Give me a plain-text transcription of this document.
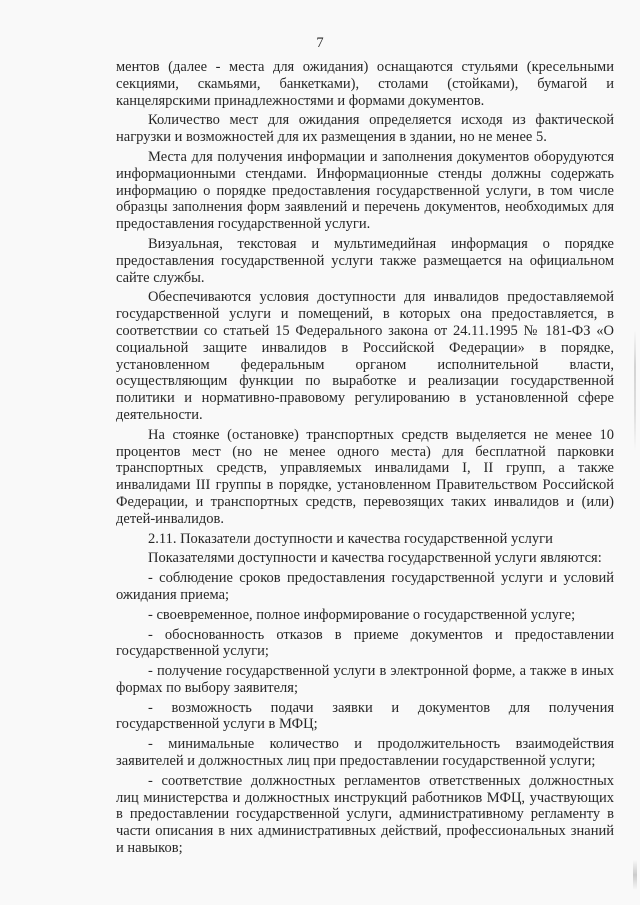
7

ментов (далее - места для ожидания) оснащаются стульями (кресельными секциями, скамьями, банкетками), столами (стойками), бумагой и канцелярскими принадлежностями и формами документов.

Количество мест для ожидания определяется исходя из фактической нагрузки и возможностей для их размещения в здании, но не менее 5.

Места для получения информации и заполнения документов оборудуются информационными стендами. Информационные стенды должны содержать информацию о порядке предоставления государственной услуги, в том числе образцы заполнения форм заявлений и перечень документов, необходимых для предоставления государственной услуги.

Визуальная, текстовая и мультимедийная информация о порядке предоставления государственной услуги также размещается на официальном сайте службы.

Обеспечиваются условия доступности для инвалидов предоставляемой государственной услуги и помещений, в которых она предоставляется, в соответствии со статьей 15 Федерального закона от 24.11.1995 № 181-ФЗ «О социальной защите инвалидов в Российской Федерации» в порядке, установленном федеральным органом исполнительной власти, осуществляющим функции по выработке и реализации государственной политики и нормативно-правовому регулированию в установленной сфере деятельности.

На стоянке (остановке) транспортных средств выделяется не менее 10 процентов мест (но не менее одного места) для бесплатной парковки транспортных средств, управляемых инвалидами I, II групп, а также инвалидами III группы в порядке, установленном Правительством Российской Федерации, и транспортных средств, перевозящих таких инвалидов и (или) детей-инвалидов.

2.11. Показатели доступности и качества государственной услуги

Показателями доступности и качества государственной услуги являются:

- соблюдение сроков предоставления государственной услуги и условий ожидания приема;

- своевременное, полное информирование о государственной услуге;

- обоснованность отказов в приеме документов и предоставлении государственной услуги;

- получение государственной услуги в электронной форме, а также в иных формах по выбору заявителя;

- возможность подачи заявки и документов для получения государственной услуги в МФЦ;

- минимальные количество и продолжительность взаимодействия заявителей и должностных лиц при предоставлении государственной услуги;

- соответствие должностных регламентов ответственных должностных лиц министерства и должностных инструкций работников МФЦ, участвующих в предоставлении государственной услуги, административному регламенту в части описания в них административных действий, профессиональных знаний и навыков;
